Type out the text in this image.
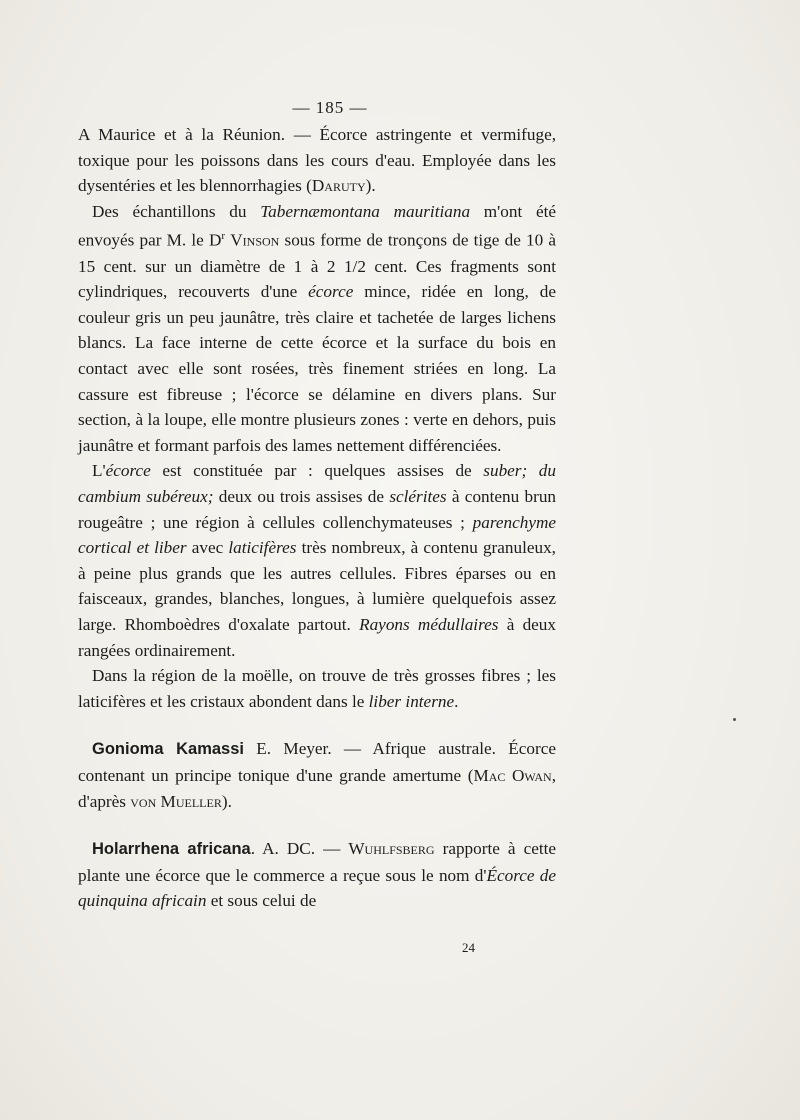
— 185 —

A Maurice et à la Réunion. — Écorce astringente et vermifuge, toxique pour les poissons dans les cours d'eau. Employée dans les dysentéries et les blennorrhagies (Daruty).

Des échantillons du Tabernæmontana mauritiana m'ont été envoyés par M. le $D^r$ Vinson sous forme de tronçons de tige de 10 à 15 cent. sur un diamètre de 1 à 2 1/2 cent. Ces fragments sont cylindriques, recouverts d'une écorce mince, ridée en long, de couleur gris un peu jaunâtre, très claire et tachetée de larges lichens blancs. La face interne de cette écorce et la surface du bois en contact avec elle sont rosées, très finement striées en long. La cassure est fibreuse ; l'écorce se délamine en divers plans. Sur section, à la loupe, elle montre plusieurs zones : verte en dehors, puis jaunâtre et formant parfois des lames nettement différenciées.

L'écorce est constituée par : quelques assises de suber; du cambium subéreux; deux ou trois assises de sclérites à contenu brun rougeâtre ; une région à cellules collenchymateuses ; parenchyme cortical et liber avec laticifères très nombreux, à contenu granuleux, à peine plus grands que les autres cellules. Fibres éparses ou en faisceaux, grandes, blanches, longues, à lumière quelquefois assez large. Rhomboèdres d'oxalate partout. Rayons médullaires à deux rangées ordinairement.

Dans la région de la moëlle, on trouve de très grosses fibres ; les laticifères et les cristaux abondent dans le liber interne.

Gonioma Kamassi E. Meyer. — Afrique australe. Écorce contenant un principe tonique d'une grande amertume (Mac Owan, d'après von Mueller).

Holarrhena africana. A. DC. — Wuhlfsberg rapporte à cette plante une écorce que le commerce a reçue sous le nom d'Écorce de quinquina africain et sous celui de

24
